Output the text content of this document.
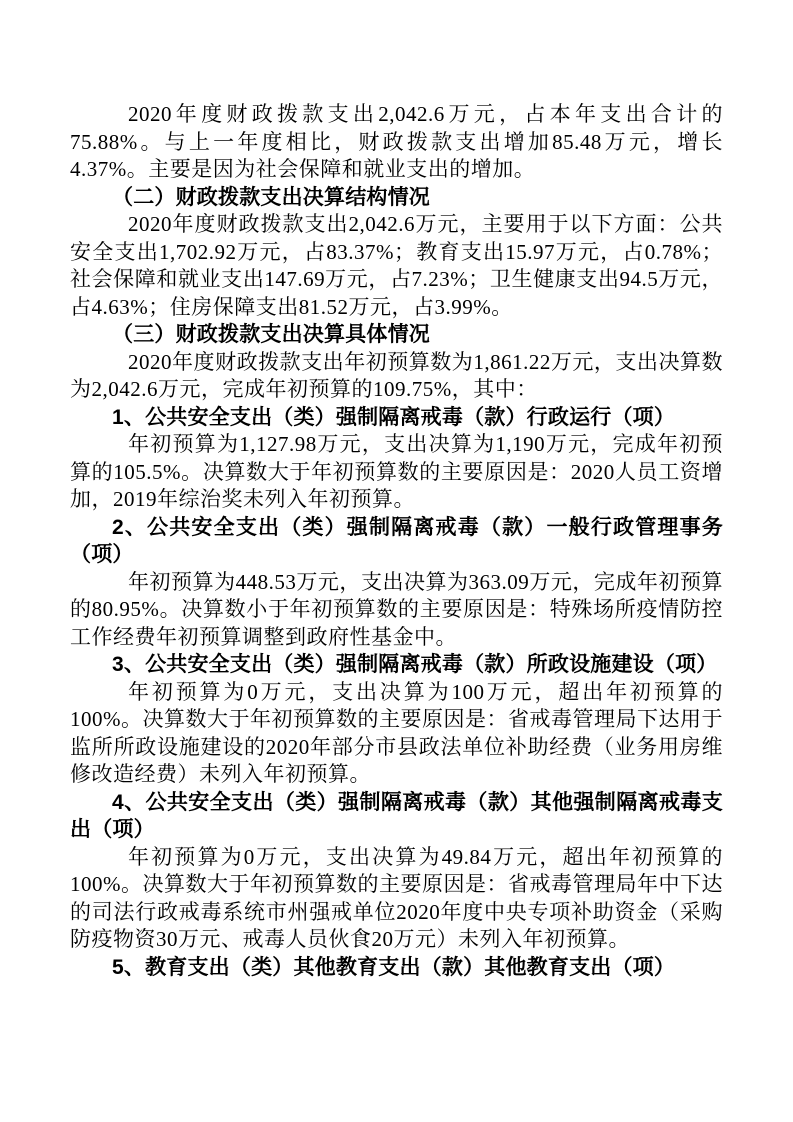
2020年度财政拨款支出2,042.6万元，占本年支出合计的75.88%。与上一年度相比，财政拨款支出增加85.48万元，增长4.37%。主要是因为社会保障和就业支出的增加。

（二）财政拨款支出决算结构情况

2020年度财政拨款支出2,042.6万元，主要用于以下方面：公共安全支出1,702.92万元，占83.37%；教育支出15.97万元，占0.78%；社会保障和就业支出147.69万元，占7.23%；卫生健康支出94.5万元，占4.63%；住房保障支出81.52万元，占3.99%。

（三）财政拨款支出决算具体情况

2020年度财政拨款支出年初预算数为1,861.22万元，支出决算数为2,042.6万元，完成年初预算的109.75%，其中：

1、公共安全支出（类）强制隔离戒毒（款）行政运行（项）

年初预算为1,127.98万元，支出决算为1,190万元，完成年初预算的105.5%。决算数大于年初预算数的主要原因是：2020人员工资增加，2019年综治奖未列入年初预算。

2、公共安全支出（类）强制隔离戒毒（款）一般行政管理事务（项）

年初预算为448.53万元，支出决算为363.09万元，完成年初预算的80.95%。决算数小于年初预算数的主要原因是：特殊场所疫情防控工作经费年初预算调整到政府性基金中。

3、公共安全支出（类）强制隔离戒毒（款）所政设施建设（项）

年初预算为0万元，支出决算为100万元，超出年初预算的100%。决算数大于年初预算数的主要原因是：省戒毒管理局下达用于监所所政设施建设的2020年部分市县政法单位补助经费（业务用房维修改造经费）未列入年初预算。

4、公共安全支出（类）强制隔离戒毒（款）其他强制隔离戒毒支出（项）

年初预算为0万元，支出决算为49.84万元，超出年初预算的100%。决算数大于年初预算数的主要原因是：省戒毒管理局年中下达的司法行政戒毒系统市州强戒单位2020年度中央专项补助资金（采购防疫物资30万元、戒毒人员伙食20万元）未列入年初预算。

5、教育支出（类）其他教育支出（款）其他教育支出（项）
